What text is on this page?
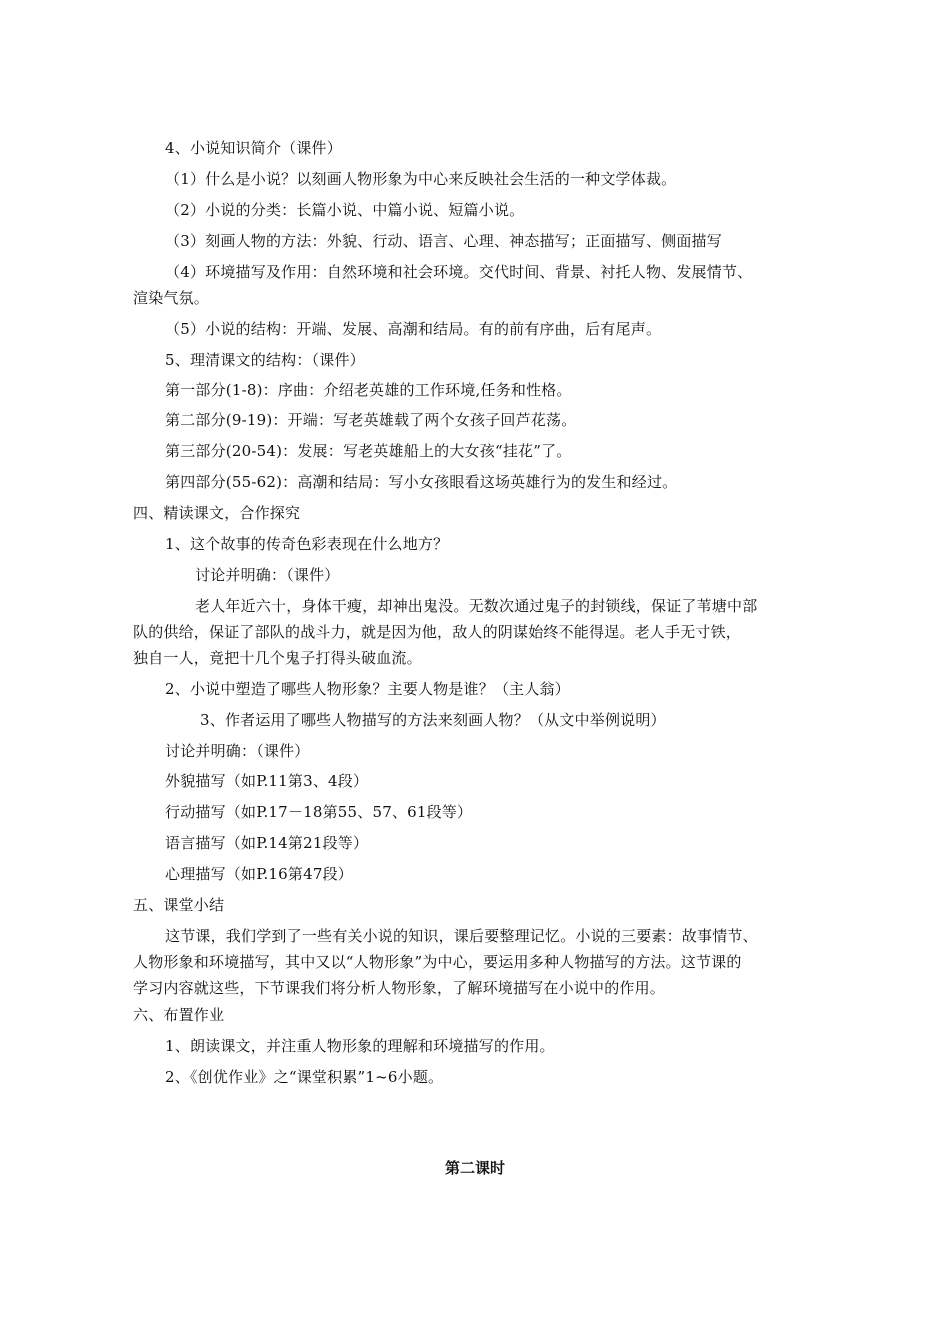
4、小说知识简介（课件）
（1）什么是小说？以刻画人物形象为中心来反映社会生活的一种文学体裁。
（2）小说的分类：长篇小说、中篇小说、短篇小说。
（3）刻画人物的方法：外貌、行动、语言、心理、神态描写；正面描写、侧面描写
（4）环境描写及作用：自然环境和社会环境。交代时间、背景、衬托人物、发展情节、
渲染气氛。
（5）小说的结构：开端、发展、高潮和结局。有的前有序曲，后有尾声。
5、理清课文的结构：（课件）
第一部分(1-8)：序曲：介绍老英雄的工作环境,任务和性格。
第二部分(9-19)：开端：写老英雄载了两个女孩子回芦花荡。
第三部分(20-54)：发展：写老英雄船上的大女孩“挂花”了。
第四部分(55-62)：高潮和结局：写小女孩眼看这场英雄行为的发生和经过。
四、精读课文，合作探究
1、这个故事的传奇色彩表现在什么地方？
讨论并明确：（课件）
老人年近六十，身体干瘦，却神出鬼没。无数次通过鬼子的封锁线，保证了苇塘中部
队的供给，保证了部队的战斗力，就是因为他，敌人的阴谋始终不能得逞。老人手无寸铁，
独自一人，竟把十几个鬼子打得头破血流。
2、小说中塑造了哪些人物形象？主要人物是谁？（主人翁）
3、作者运用了哪些人物描写的方法来刻画人物？（从文中举例说明）
讨论并明确：（课件）
外貌描写（如P.11第3、4段）
行动描写（如P.17－18第55、57、61段等）
语言描写（如P.14第21段等）
心理描写（如P.16第47段）
五、课堂小结
这节课，我们学到了一些有关小说的知识，课后要整理记忆。小说的三要素：故事情节、
人物形象和环境描写，其中又以“人物形象”为中心，要运用多种人物描写的方法。这节课的
学习内容就这些，下节课我们将分析人物形象，了解环境描写在小说中的作用。
六、布置作业
1、朗读课文，并注重人物形象的理解和环境描写的作用。
2、《创优作业》之“课堂积累”1~6小题。
第二课时
